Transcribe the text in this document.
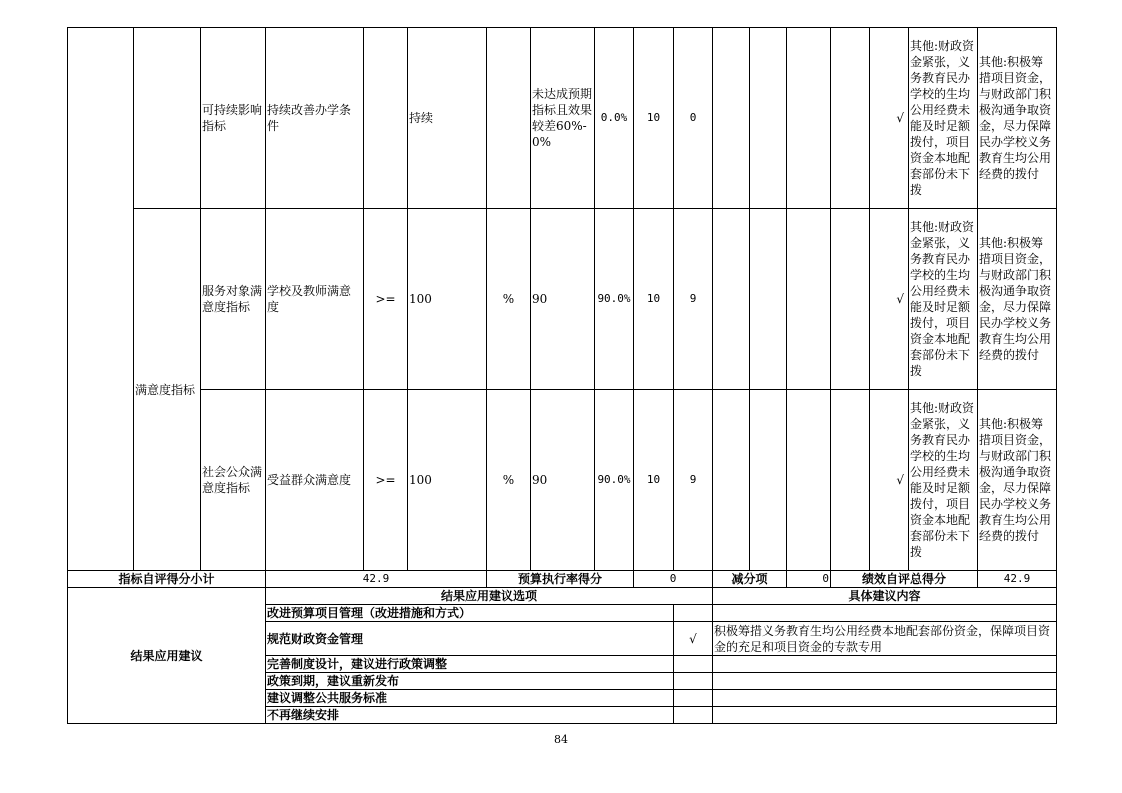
		可持续影响指标	持续改善办学条件		持续		未达成预期指标且效果较差60%-0%	0.0%	10	0					√	其他:财政资金紧张，义务教育民办学校的生均公用经费未能及时足额拨付，项目资金本地配套部份未下拨	其他:积极筹措项目资金，与财政部门积极沟通争取资金，尽力保障民办学校义务教育生均公用经费的拨付
	满意度指标	服务对象满意度指标	学校及教师满意度	>=	100	%	90	90.0%	10	9					√	其他:财政资金紧张，义务教育民办学校的生均公用经费未能及时足额拨付，项目资金本地配套部份未下拨	其他:积极筹措项目资金，与财政部门积极沟通争取资金，尽力保障民办学校义务教育生均公用经费的拨付
		社会公众满意度指标	受益群众满意度	>=	100	%	90	90.0%	10	9					√	其他:财政资金紧张，义务教育民办学校的生均公用经费未能及时足额拨付，项目资金本地配套部份未下拨	其他:积极筹措项目资金，与财政部门积极沟通争取资金，尽力保障民办学校义务教育生均公用经费的拨付
指标自评得分小计			42.9			预算执行率得分			0		减分项		0	绩效自评总得分			42.9
结果应用建议			结果应用建议选项								具体建议内容						
			改进预算项目管理（改进措施和方式）														
			规范财政资金管理							√	积极筹措义务教育生均公用经费本地配套部份资金，保障项目资金的充足和项目资金的专款专用						
			完善制度设计，建议进行政策调整														
			政策到期，建议重新发布														
			建议调整公共服务标准														
			不再继续安排														
84
